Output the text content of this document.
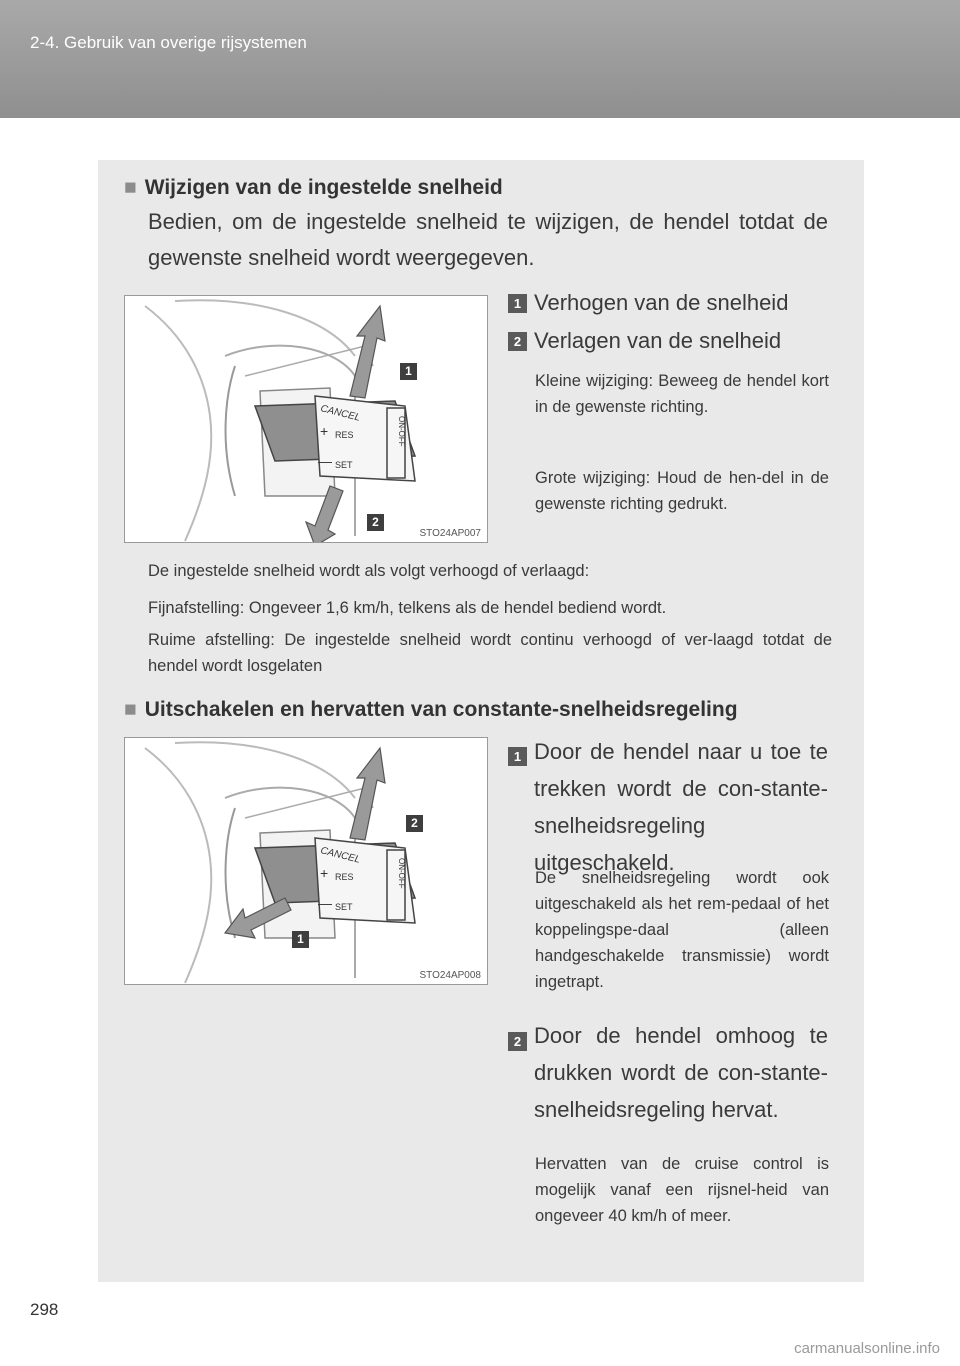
2-4. Gebruik van overige rijsystemen
■ Wijzigen van de ingestelde snelheid
Bedien, om de ingestelde snelheid te wijzigen, de hendel totdat de gewenste snelheid wordt weergegeven.
CANCEL
+ RES
— SET
ON-OFF
1
2
STO24AP007
1 Verhogen van de snelheid
2 Verlagen van de snelheid
Kleine wijziging: Beweeg de hendel kort in de gewenste richting.
Grote wijziging: Houd de hen-del in de gewenste richting gedrukt.
De ingestelde snelheid wordt als volgt verhoogd of verlaagd:
Fijnafstelling: Ongeveer 1,6 km/h, telkens als de hendel bediend wordt.
Ruime afstelling: De ingestelde snelheid wordt continu verhoogd of ver-laagd totdat de hendel wordt losgelaten
■ Uitschakelen en hervatten van constante-snelheidsregeling
CANCEL
+ RES
— SET
ON-OFF
2
1
STO24AP008
1 Door de hendel naar u toe te trekken wordt de con-stante-snelheidsregeling uitgeschakeld.
De snelheidsregeling wordt ook uitgeschakeld als het rem-pedaal of het koppelingspe-daal (alleen handgeschakelde transmissie) wordt ingetrapt.
2 Door de hendel omhoog te drukken wordt de con-stante-snelheidsregeling hervat.
Hervatten van de cruise control is mogelijk vanaf een rijsnel-heid van ongeveer 40 km/h of meer.
298
carmanualsonline.info
